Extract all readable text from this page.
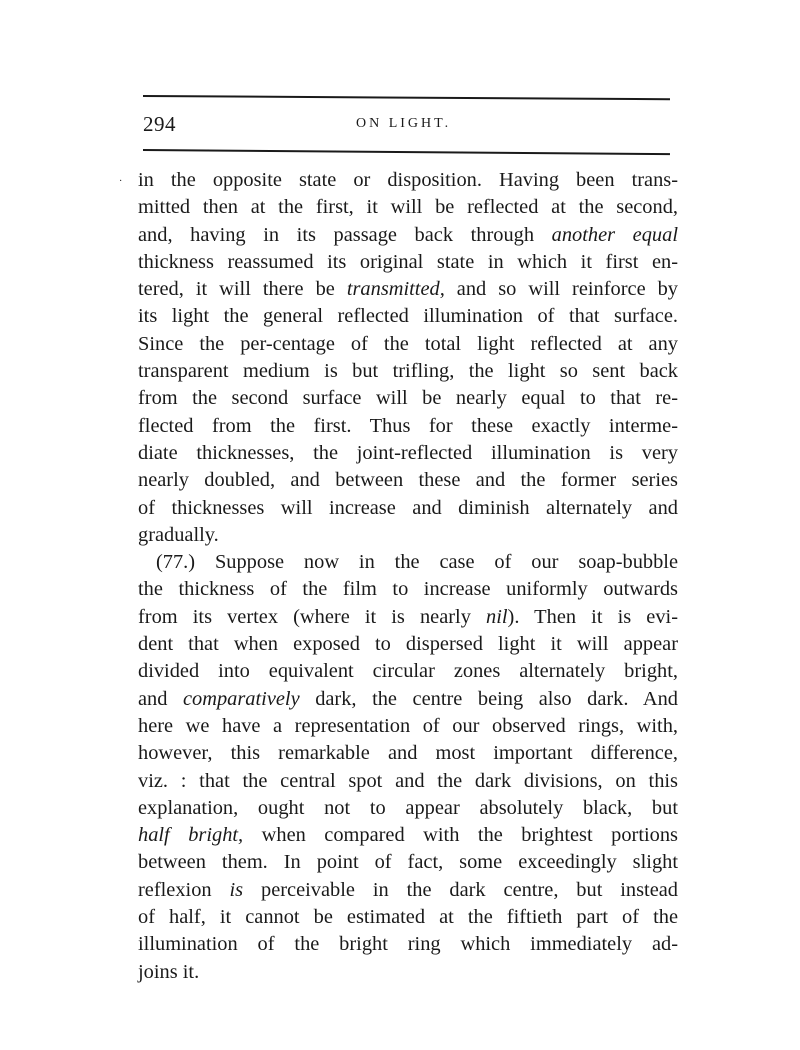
294	ON LIGHT.
· in the opposite state or disposition. Having been trans-
mitted then at the first, it will be reflected at the second,
and, having in its passage back through another equal
thickness reassumed its original state in which it first en-
tered, it will there be transmitted, and so will reinforce by
its light the general reflected illumination of that surface.
Since the per-centage of the total light reflected at any
transparent medium is but trifling, the light so sent back
from the second surface will be nearly equal to that re-
flected from the first. Thus for these exactly interme-
diate thicknesses, the joint-reflected illumination is very
nearly doubled, and between these and the former series
of thicknesses will increase and diminish alternately and
gradually.
(77.) Suppose now in the case of our soap-bubble
the thickness of the film to increase uniformly outwards
from its vertex (where it is nearly nil). Then it is evi-
dent that when exposed to dispersed light it will appear
divided into equivalent circular zones alternately bright,
and comparatively dark, the centre being also dark. And
here we have a representation of our observed rings, with,
however, this remarkable and most important difference,
viz. : that the central spot and the dark divisions, on this
explanation, ought not to appear absolutely black, but
half bright, when compared with the brightest portions
between them. In point of fact, some exceedingly slight
reflexion is perceivable in the dark centre, but instead
of half, it cannot be estimated at the fiftieth part of the
illumination of the bright ring which immediately ad-
joins it.
